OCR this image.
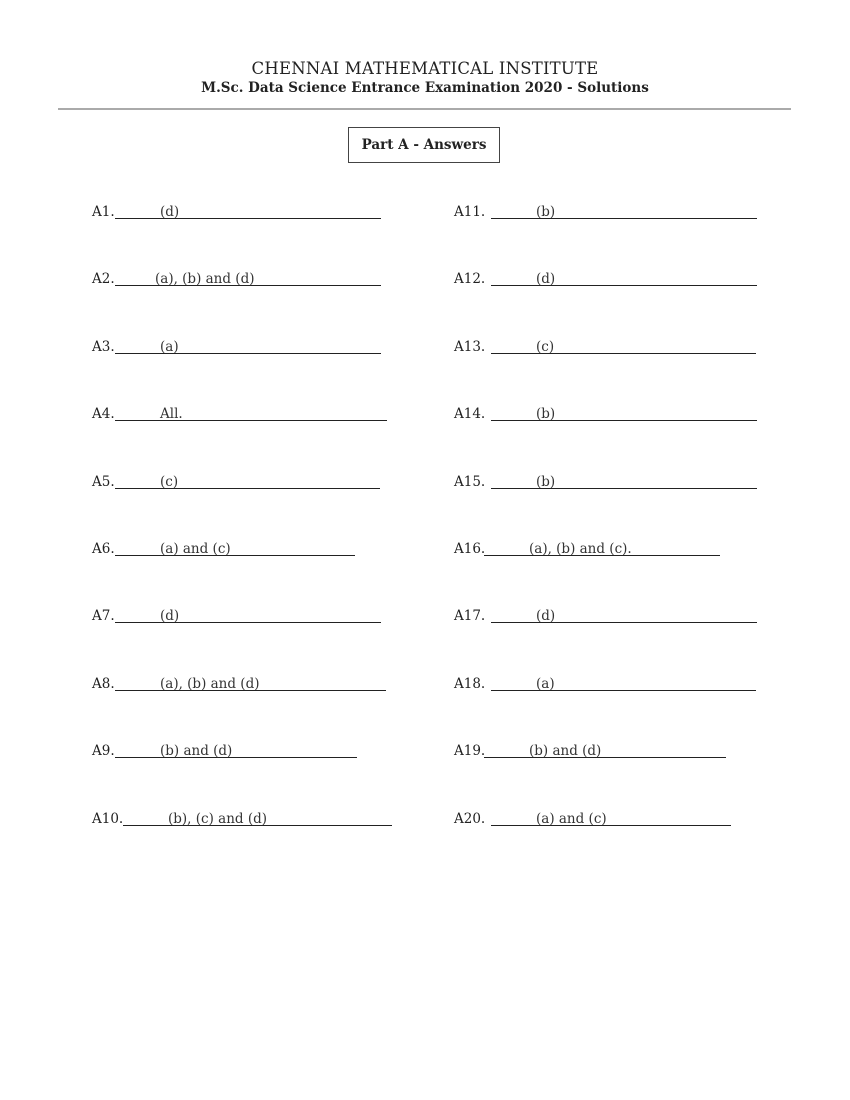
CHENNAI MATHEMATICAL INSTITUTE
M.Sc. Data Science Entrance Examination 2020 - Solutions
Part A - Answers
A1.	(d)
A2.	(a), (b) and (d)
A3.	(a)
A4.	All.
A5.	(c)
A6.	(a) and (c)
A7.	(d)
A8.	(a), (b) and (d)
A9.	(b) and (d)
A10.	(b), (c) and (d)
A11.	(b)
A12.	(d)
A13.	(c)
A14.	(b)
A15.	(b)
A16.	(a), (b) and (c).
A17.	(d)
A18.	(a)
A19.	(b) and (d)
A20.	(a) and (c)
